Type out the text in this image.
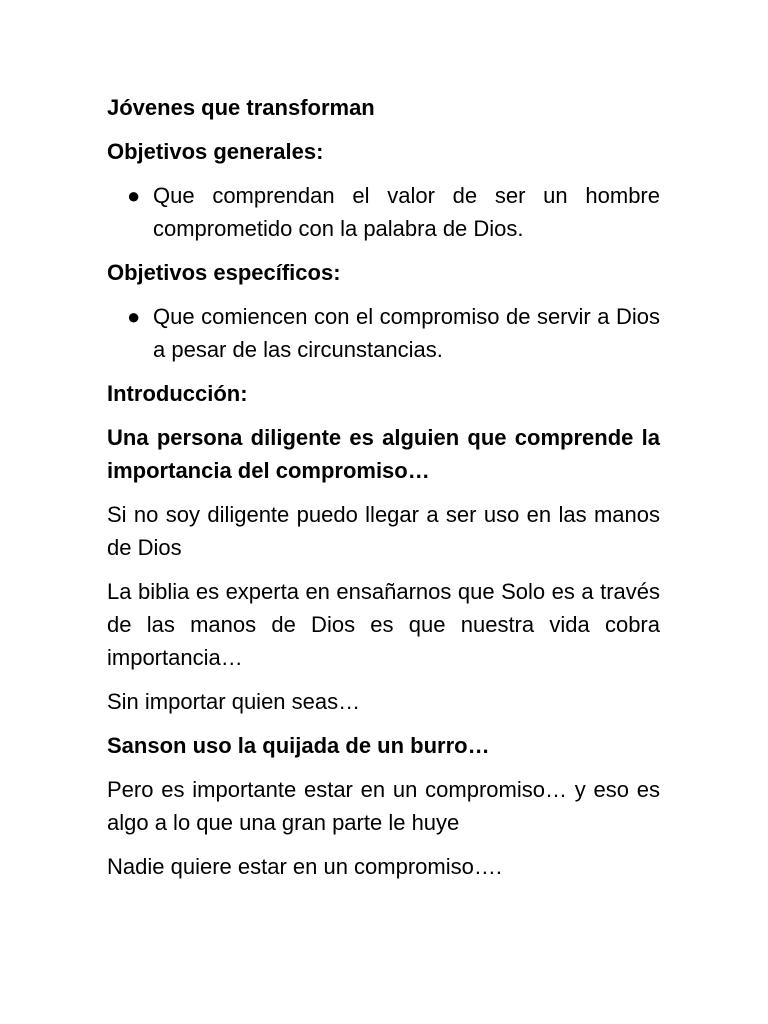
Jóvenes que transforman

Objetivos generales:

● Que comprendan el valor de ser un hombre comprometido con la palabra de Dios.

Objetivos específicos:

● Que comiencen con el compromiso de servir a Dios a pesar de las circunstancias.

Introducción:

Una persona diligente es alguien que comprende la importancia del compromiso…

Si no soy diligente puedo llegar a ser uso en las manos de Dios

La biblia es experta en ensañarnos que Solo es a través de las manos de Dios es que nuestra vida cobra importancia…

Sin importar quien seas…

Sanson uso la quijada de un burro…

Pero es importante estar en un compromiso… y eso es algo a lo que una gran parte le huye

Nadie quiere estar en un compromiso….
